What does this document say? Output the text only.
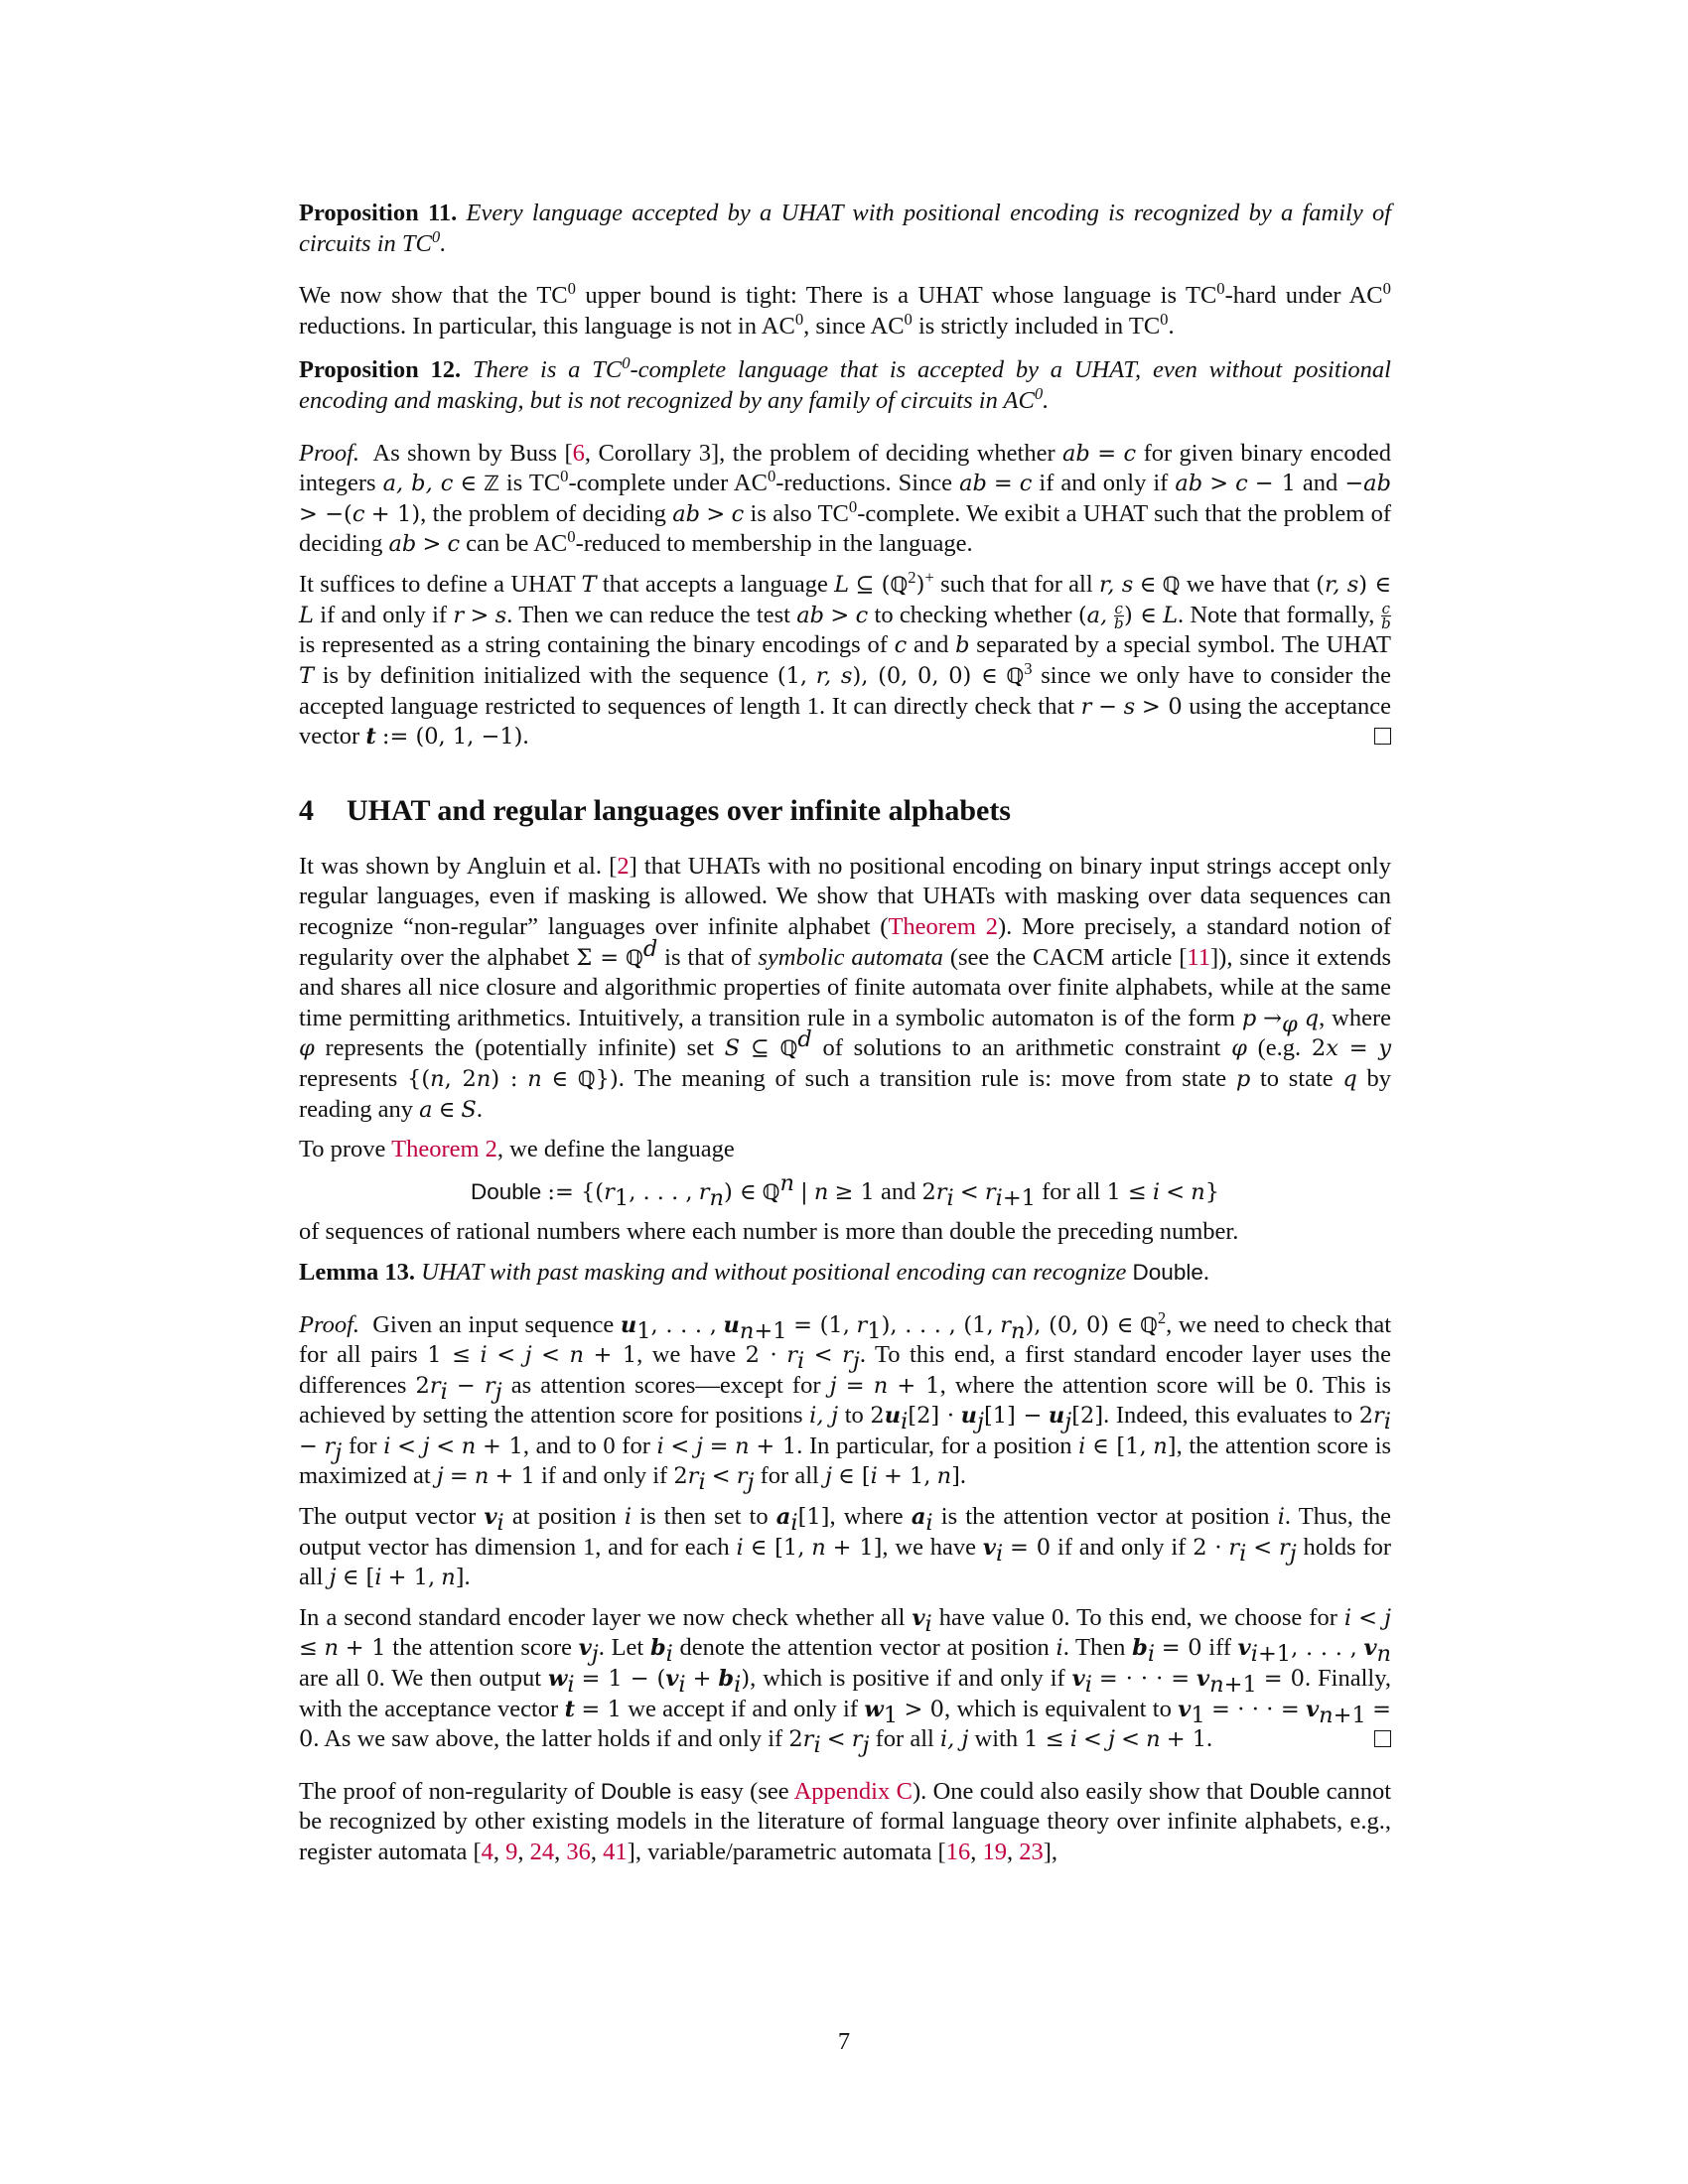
Proposition 11. Every language accepted by a UHAT with positional encoding is recognized by a family of circuits in $TC^0$.

We now show that the $TC^0$ upper bound is tight: There is a UHAT whose language is $TC^0$-hard under $AC^0$ reductions. In particular, this language is not in $AC^0$, since $AC^0$ is strictly included in $TC^0$.

Proposition 12. There is a $TC^0$-complete language that is accepted by a UHAT, even without positional encoding and masking, but is not recognized by any family of circuits in $AC^0$.

Proof.  As shown by Buss [6, Corollary 3], the problem of deciding whether ab = c for given binary encoded integers a, b, c ∈ ℤ is $TC^0$-complete under $AC^0$-reductions. Since ab = c if and only if ab > c − 1 and −ab > −(c + 1), the problem of deciding ab > c is also $TC^0$-complete. We exibit a UHAT such that the problem of deciding ab > c can be $AC^0$-reduced to membership in the language.

It suffices to define a UHAT T that accepts a language L ⊆ (ℚ$^2$)+ such that for all r, s ∈ ℚ we have that (r, s) ∈ L if and only if r > s. Then we can reduce the test ab > c to checking whether (a, $\frac{c}{b}$ ) ∈ L. Note that formally, $\frac{c}{b}$
is represented as a string containing the binary encodings of c and b separated by a special symbol. The UHAT T is by definition initialized with the sequence (1, r, s), (0, 0, 0) ∈ ℚ$^3$ since we only have to consider the accepted language restricted to sequences of length 1. It can directly check that r − s > 0 using the acceptance vector t := (0, 1, −1).

4 UHAT and regular languages over infinite alphabets

It was shown by Angluin et al. [2] that UHATs with no positional encoding on binary input strings accept only regular languages, even if masking is allowed. We show that UHATs with masking over data sequences can recognize “non-regular” languages over infinite alphabet (Theorem 2). More precisely, a standard notion of regularity over the alphabet Σ = ℚ$^d$ is that of symbolic automata (see the CACM article [11]), since it extends and shares all nice closure and algorithmic properties of finite automata over finite alphabets, while at the same time permitting arithmetics. Intuitively, a transition rule in a symbolic automaton is of the form $p \to_\varphi$ q, where φ represents the (potentially infinite) set S ⊆ ℚ$^d$ of solutions to an arithmetic constraint φ (e.g. 2x = y represents {(n, 2n) : n ∈ ℚ}). The meaning of such a transition rule is: move from state p to state q by reading any a ∈ S.

To prove Theorem 2, we define the language

Double := {($r_1$, . . . , $r_n$) ∈ ℚ$^n$ | n ≥ 1 and $2r_i < r_{i+1}$ for all 1 ≤ i < n}

of sequences of rational numbers where each number is more than double the preceding number.

Lemma 13. UHAT with past masking and without positional encoding can recognize Double.

Proof.  Given an input sequence $u_1$, . . . , $u_{n+1} = (1$, $r_1$), . . . , (1, $r_n$), (0, 0) ∈ ℚ$^2$, we need to check that for all pairs 1 ≤ i < j < n + 1, we have $2 \cdot r_i < r_j$. To this end, a first standard encoder layer uses the differences $2r_i - r_j$ as attention scores—except for j = n + 1, where the attention score will be 0. This is achieved by setting the attention score for positions i, j to $2u_i[2] \cdot u_j[1] - u_j[2]$. Indeed, this evaluates to $2r_i - r_j$ for i < j < n + 1, and to 0 for i < j = n + 1. In particular, for a position i ∈ [1, n], the attention score is maximized at j = n + 1 if and only if $2r_i < r_j$ for all j ∈ [i + 1, n].

The output vector $v_i$ at position i is then set to $a_i[1]$, where $a_i$ is the attention vector at position i. Thus, the output vector has dimension 1, and for each i ∈ [1, n + 1], we have $v_i = 0$ if and only if $2 \cdot r_i < r_j$ holds for all j ∈ [i + 1, n].

In a second standard encoder layer we now check whether all $v_i$ have value 0. To this end, we choose for i < j ≤ n + 1 the attention score $v_j$. Let $b_i$ denote the attention vector at position i. Then $b_i = 0$ iff $v_{i+1}$, . . . , $v_n$ are all 0. We then output $w_i = 1 - (v_i + b_i)$, which is positive if and only if $v_i$ = · · · = $v_{n+1} = 0$. Finally, with the acceptance vector t = 1 we accept if and only if $w_1 > 0$, which is equivalent to $v_1$ = · · · = $v_{n+1} = 0$. As we saw above, the latter holds if and only if $2r_i < r_j$ for all i, j with 1 ≤ i < j < n + 1.

The proof of non-regularity of Double is easy (see Appendix C). One could also easily show that Double cannot be recognized by other existing models in the literature of formal language theory over infinite alphabets, e.g., register automata [4, 9, 24, 36, 41], variable/parametric automata [16, 19, 23],

7
